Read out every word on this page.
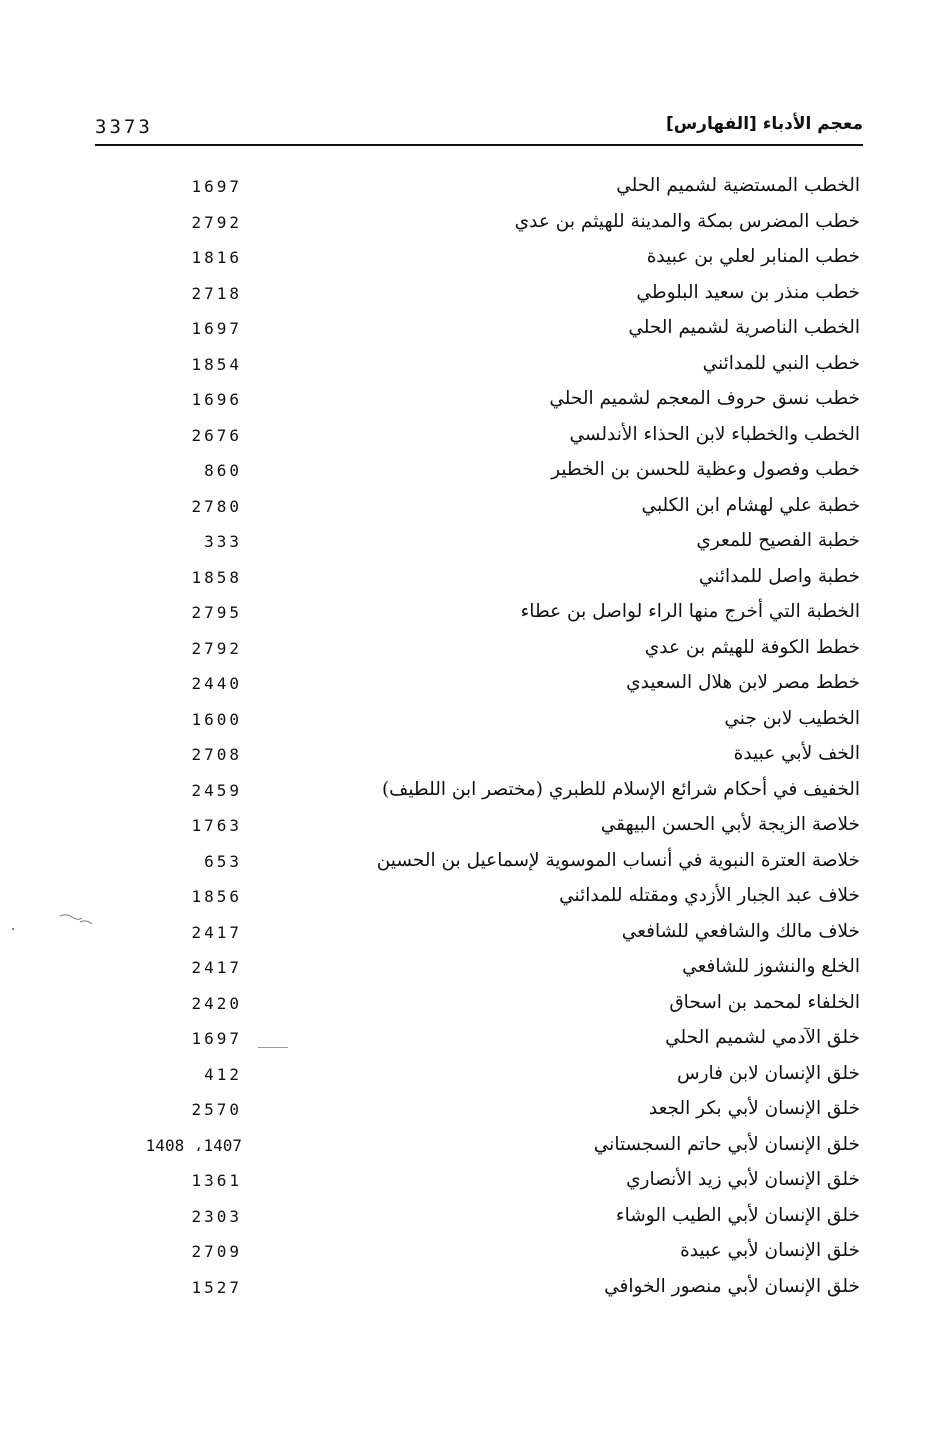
3373	معجم الأدباء [الفهارس]
الخطب المستضية لشميم الحلي
1697
خطب المضرس بمكة والمدينة للهيثم بن عدي
2792
خطب المنابر لعلي بن عبيدة
1816
خطب منذر بن سعيد البلوطي
2718
الخطب الناصرية لشميم الحلي
1697
خطب النبي للمدائني
1854
خطب نسق حروف المعجم لشميم الحلي
1696
الخطب والخطباء لابن الحذاء الأندلسي
2676
خطب وفصول وعظية للحسن بن الخطير
860
خطبة علي لهشام ابن الكلبي
2780
خطبة الفصيح للمعري
333
خطبة واصل للمدائني
1858
الخطبة التي أخرج منها الراء لواصل بن عطاء
2795
خطط الكوفة للهيثم بن عدي
2792
خطط مصر لابن هلال السعيدي
2440
الخطيب لابن جني
1600
الخف لأبي عبيدة
2708
الخفيف في أحكام شرائع الإسلام للطبري (مختصر ابن اللطيف)
2459
خلاصة الزيجة لأبي الحسن البيهقي
1763
خلاصة العترة النبوية في أنساب الموسوية لإسماعيل بن الحسين
653
خلاف عبد الجبار الأزدي ومقتله للمدائني
1856
خلاف مالك والشافعي للشافعي
2417
الخلع والنشوز للشافعي
2417
الخلفاء لمحمد بن اسحاق
2420
خلق الآدمي لشميم الحلي
1697
خلق الإنسان لابن فارس
412
خلق الإنسان لأبي بكر الجعد
2570
خلق الإنسان لأبي حاتم السجستاني
1407، 1408
خلق الإنسان لأبي زيد الأنصاري
1361
خلق الإنسان لأبي الطيب الوشاء
2303
خلق الإنسان لأبي عبيدة
2709
خلق الإنسان لأبي منصور الخوافي
1527
